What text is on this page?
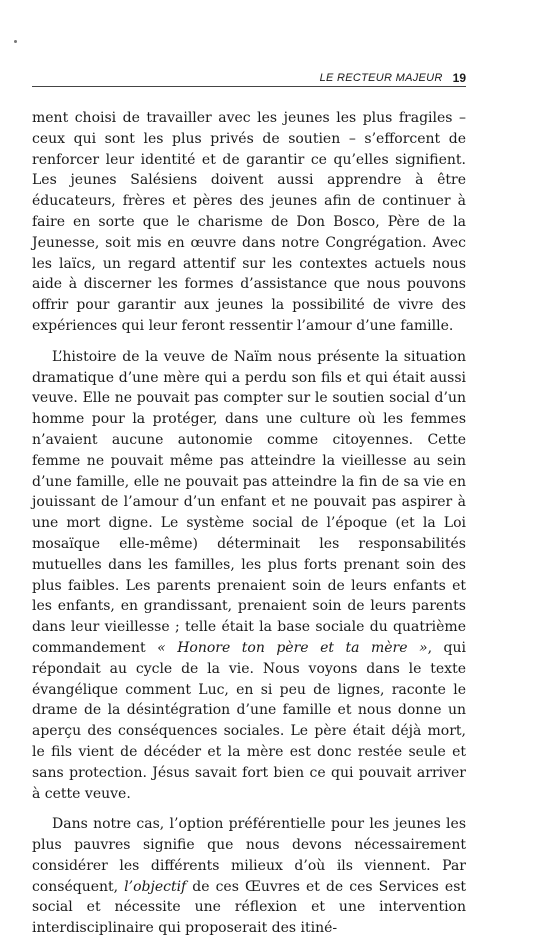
LE RECTEUR MAJEUR 19

ment choisi de travailler avec les jeunes les plus fragiles – ceux qui sont les plus privés de soutien – s’efforcent de renforcer leur identité et de garantir ce qu’elles signifient. Les jeunes Salésiens doivent aussi apprendre à être éducateurs, frères et pères des jeunes afin de continuer à faire en sorte que le charisme de Don Bosco, Père de la Jeunesse, soit mis en œuvre dans notre Congrégation. Avec les laïcs, un regard attentif sur les contextes actuels nous aide à discerner les formes d’assistance que nous pouvons offrir pour garantir aux jeunes la possibilité de vivre des expériences qui leur feront ressentir l’amour d’une famille.

L’histoire de la veuve de Naïm nous présente la situation dramatique d’une mère qui a perdu son fils et qui était aussi veuve. Elle ne pouvait pas compter sur le soutien social d’un homme pour la protéger, dans une culture où les femmes n’avaient aucune autonomie comme citoyennes. Cette femme ne pouvait même pas atteindre la vieillesse au sein d’une famille, elle ne pouvait pas atteindre la fin de sa vie en jouissant de l’amour d’un enfant et ne pouvait pas aspirer à une mort digne. Le système social de l’époque (et la Loi mosaïque elle-même) déterminait les responsabilités mutuelles dans les familles, les plus forts prenant soin des plus faibles. Les parents prenaient soin de leurs enfants et les enfants, en grandissant, prenaient soin de leurs parents dans leur vieillesse ; telle était la base sociale du quatrième commandement « Honore ton père et ta mère », qui répondait au cycle de la vie. Nous voyons dans le texte évangélique comment Luc, en si peu de lignes, raconte le drame de la désintégration d’une famille et nous donne un aperçu des conséquences sociales. Le père était déjà mort, le fils vient de décéder et la mère est donc restée seule et sans protection. Jésus savait fort bien ce qui pouvait arriver à cette veuve.

Dans notre cas, l’option préférentielle pour les jeunes les plus pauvres signifie que nous devons nécessairement considérer les différents milieux d’où ils viennent. Par conséquent, l’objectif de ces Œuvres et de ces Services est social et nécessite une réflexion et une intervention interdisciplinaire qui proposerait des itiné-
